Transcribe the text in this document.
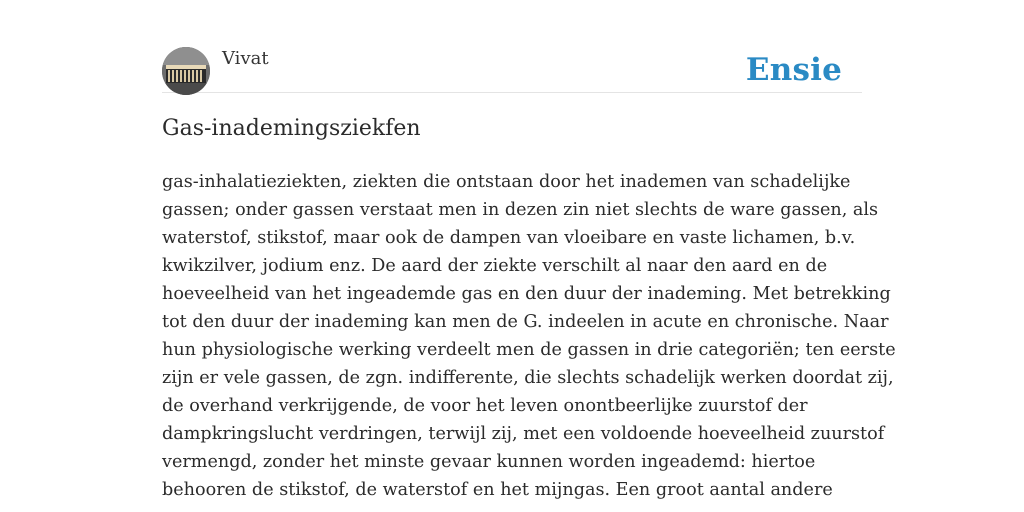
Vivat	Ensie
Gas-inademingsziekfen
gas-inhalatieziekten, ziekten die ontstaan door het inademen van schadelijke
gassen; onder gassen verstaat men in dezen zin niet slechts de ware gassen, als
waterstof, stikstof, maar ook de dampen van vloeibare en vaste lichamen, b.v.
kwikzilver, jodium enz. De aard der ziekte verschilt al naar den aard en de
hoeveelheid van het ingeademde gas en den duur der inademing. Met betrekking
tot den duur der inademing kan men de G. indeelen in acute en chronische. Naar
hun physiologische werking verdeelt men de gassen in drie categoriën; ten eerste
zijn er vele gassen, de zgn. indifferente, die slechts schadelijk werken doordat zij,
de overhand verkrijgende, de voor het leven onontbeerlijke zuurstof der
dampkringslucht verdringen, terwijl zij, met een voldoende hoeveelheid zuurstof
vermengd, zonder het minste gevaar kunnen worden ingeademd: hiertoe
behooren de stikstof, de waterstof en het mijngas. Een groot aantal andere
